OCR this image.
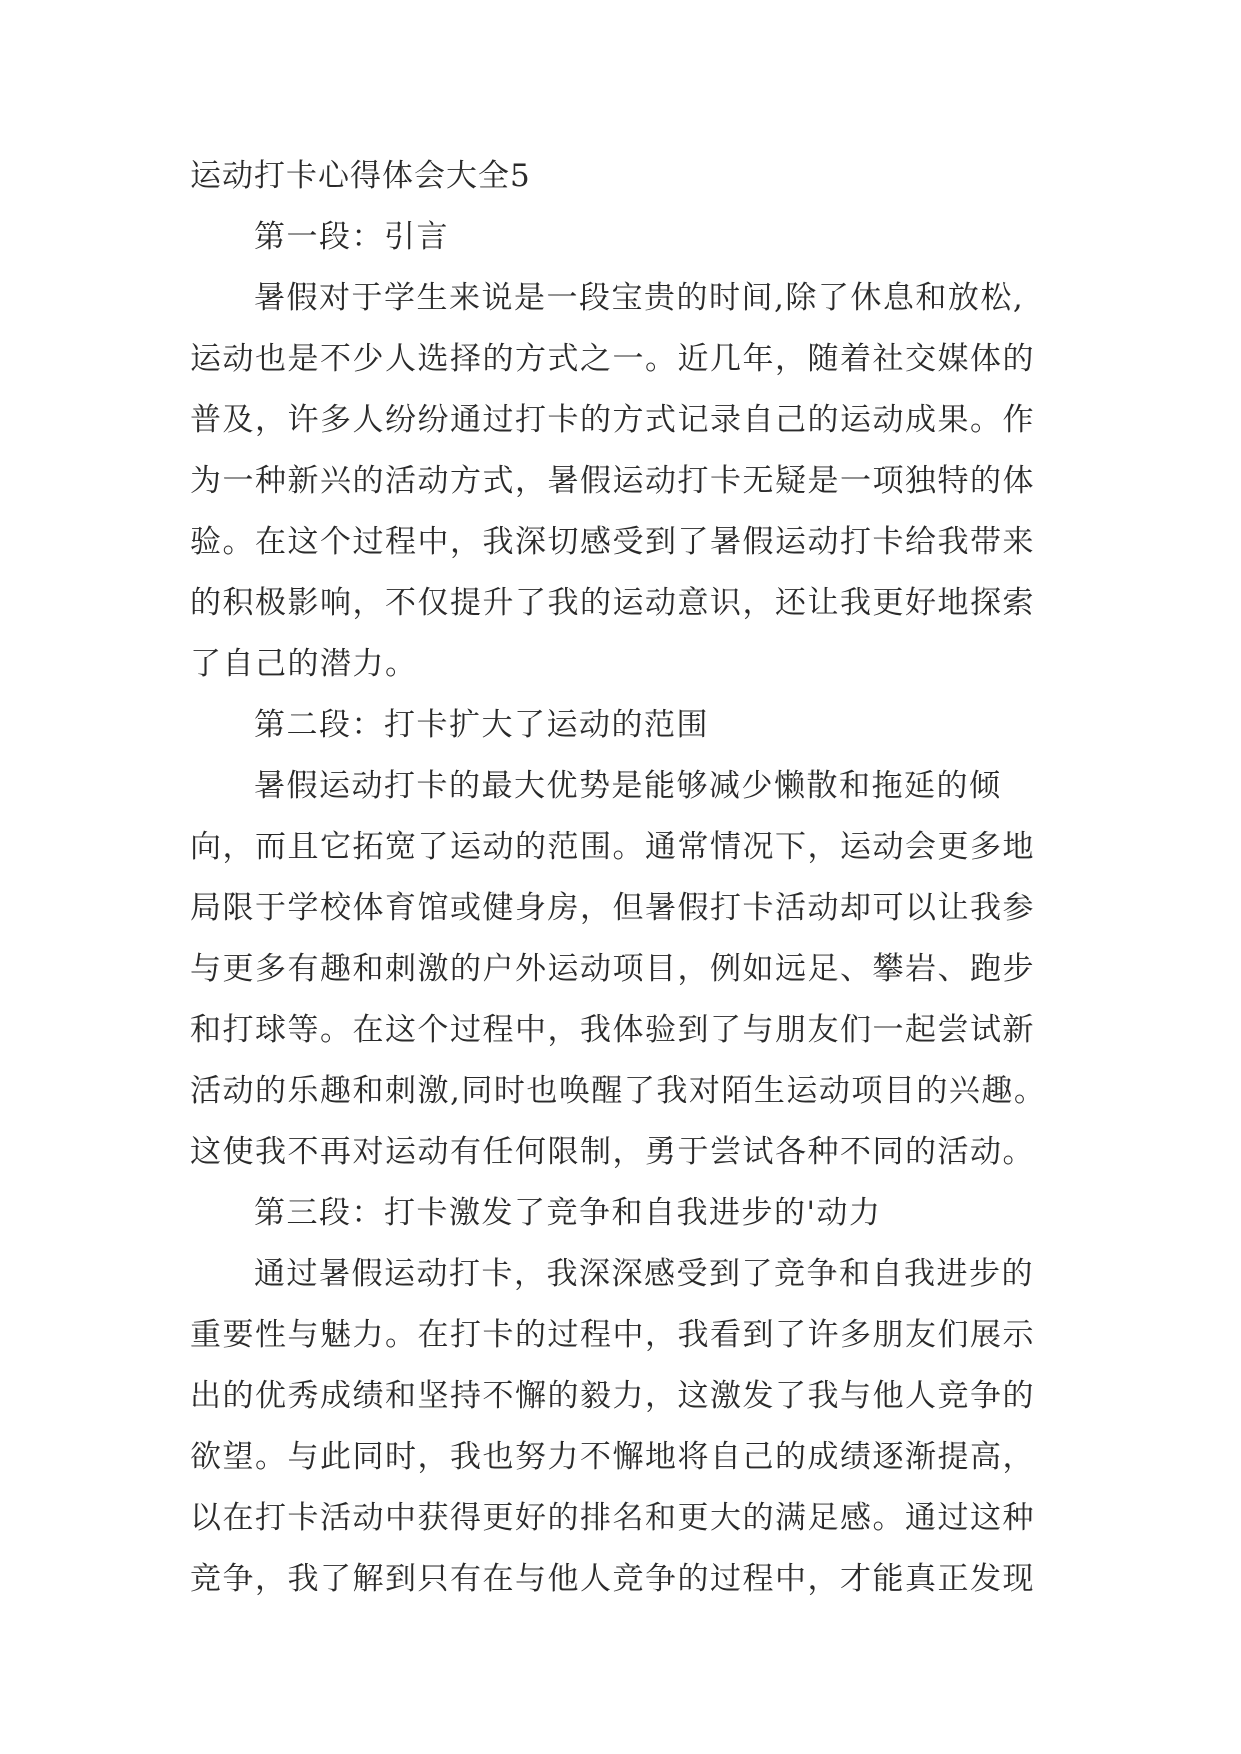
运动打卡心得体会大全5
第一段：引言
暑假对于学生来说是一段宝贵的时间,除了休息和放松,
运动也是不少人选择的方式之一。近几年，随着社交媒体的
普及，许多人纷纷通过打卡的方式记录自己的运动成果。作
为一种新兴的活动方式，暑假运动打卡无疑是一项独特的体
验。在这个过程中，我深切感受到了暑假运动打卡给我带来
的积极影响，不仅提升了我的运动意识，还让我更好地探索
了自己的潜力。
第二段：打卡扩大了运动的范围
暑假运动打卡的最大优势是能够减少懒散和拖延的倾
向，而且它拓宽了运动的范围。通常情况下，运动会更多地
局限于学校体育馆或健身房，但暑假打卡活动却可以让我参
与更多有趣和刺激的户外运动项目，例如远足、攀岩、跑步
和打球等。在这个过程中，我体验到了与朋友们一起尝试新
活动的乐趣和刺激,同时也唤醒了我对陌生运动项目的兴趣。
这使我不再对运动有任何限制，勇于尝试各种不同的活动。
第三段：打卡激发了竞争和自我进步的'动力
通过暑假运动打卡，我深深感受到了竞争和自我进步的
重要性与魅力。在打卡的过程中，我看到了许多朋友们展示
出的优秀成绩和坚持不懈的毅力，这激发了我与他人竞争的
欲望。与此同时，我也努力不懈地将自己的成绩逐渐提高，
以在打卡活动中获得更好的排名和更大的满足感。通过这种
竞争，我了解到只有在与他人竞争的过程中，才能真正发现
